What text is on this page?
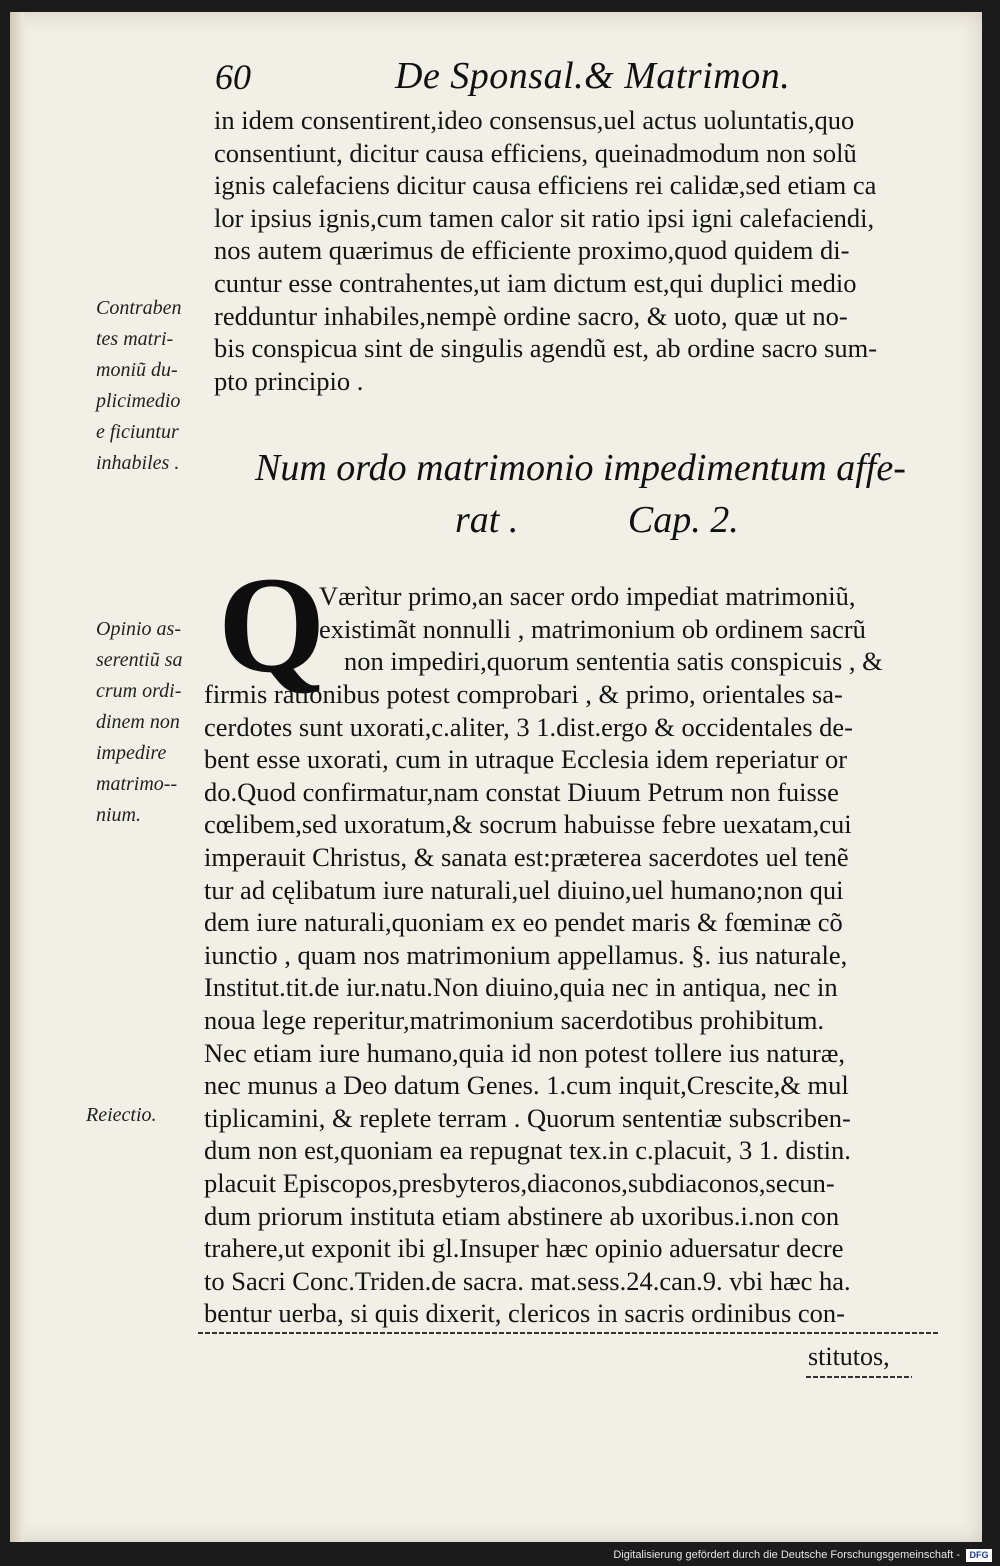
60	De Sponsal.& Matrimon.
in idem consentirent,ideo consensus,uel actus uoluntatis,quo
consentiunt, dicitur causa efficiens, queinadmodum non solũ
ignis calefaciens dicitur causa efficiens rei calidæ,sed etiam ca
lor ipsius ignis,cum tamen calor sit ratio ipsi igni calefaciendi,
nos autem quærimus de efficiente proximo,quod quidem di-
cuntur esse contrahentes,ut iam dictum est,qui duplici medio
redduntur inhabiles,nempè ordine sacro, & uoto, quæ ut no-
bis conspicua sint de singulis agendũ est, ab ordine sacro sum-
pto principio .
Contraben
tes matri-
moniũ du-
plicimedio
e ficiuntur
inhabiles .	Num ordo matrimonio impedimentum affe-
rat .	Cap. 2.
Q
Værìtur primo,an sacer ordo impediat matrimoniũ,
existimãt nonnulli , matrimonium ob ordinem sacrũ
non impediri,quorum sententia satis conspicuis , &
Opinio as-
serentiũ sa
crum ordi-
dinem non
impedire
matrimo--
nium.
firmis rationibus potest comprobari , & primo, orientales sa-
cerdotes sunt uxorati,c.aliter, 3 1.dist.ergo & occidentales de-
bent esse uxorati, cum in utraque Ecclesia idem reperiatur or
do.Quod confirmatur,nam constat Diuum Petrum non fuisse
cœlibem,sed uxoratum,& socrum habuisse febre uexatam,cui
imperauit Christus, & sanata est:præterea sacerdotes uel tenẽ
tur ad cęlibatum iure naturali,uel diuino,uel humano;non qui
dem iure naturali,quoniam ex eo pendet maris & fœminæ cõ
iunctio , quam nos matrimonium appellamus. §. ius naturale,
Institut.tit.de iur.natu.Non diuino,quia nec in antiqua, nec in
noua lege reperitur,matrimonium sacerdotibus prohibitum.
Nec etiam iure humano,quia id non potest tollere ius naturæ,
nec munus a Deo datum Genes. 1.cum inquit,Crescite,& mul
tiplicamini, & replete terram . Quorum sententiæ subscriben-
dum non est,quoniam ea repugnat tex.in c.placuit, 3 1. distin.
placuit Episcopos,presbyteros,diaconos,subdiaconos,secun-
dum priorum instituta etiam abstinere ab uxoribus.i.non con
trahere,ut exponit ibi gl.Insuper hæc opinio aduersatur decre
to Sacri Conc.Triden.de sacra. mat.sess.24.can.9. vbi hæc ha.
bentur uerba, si quis dixerit, clericos in sacris ordinibus con-
Reiectio.
stitutos,
Digitalisierung gefördert durch die Deutsche Forschungsgemeinschaft -	DFG
